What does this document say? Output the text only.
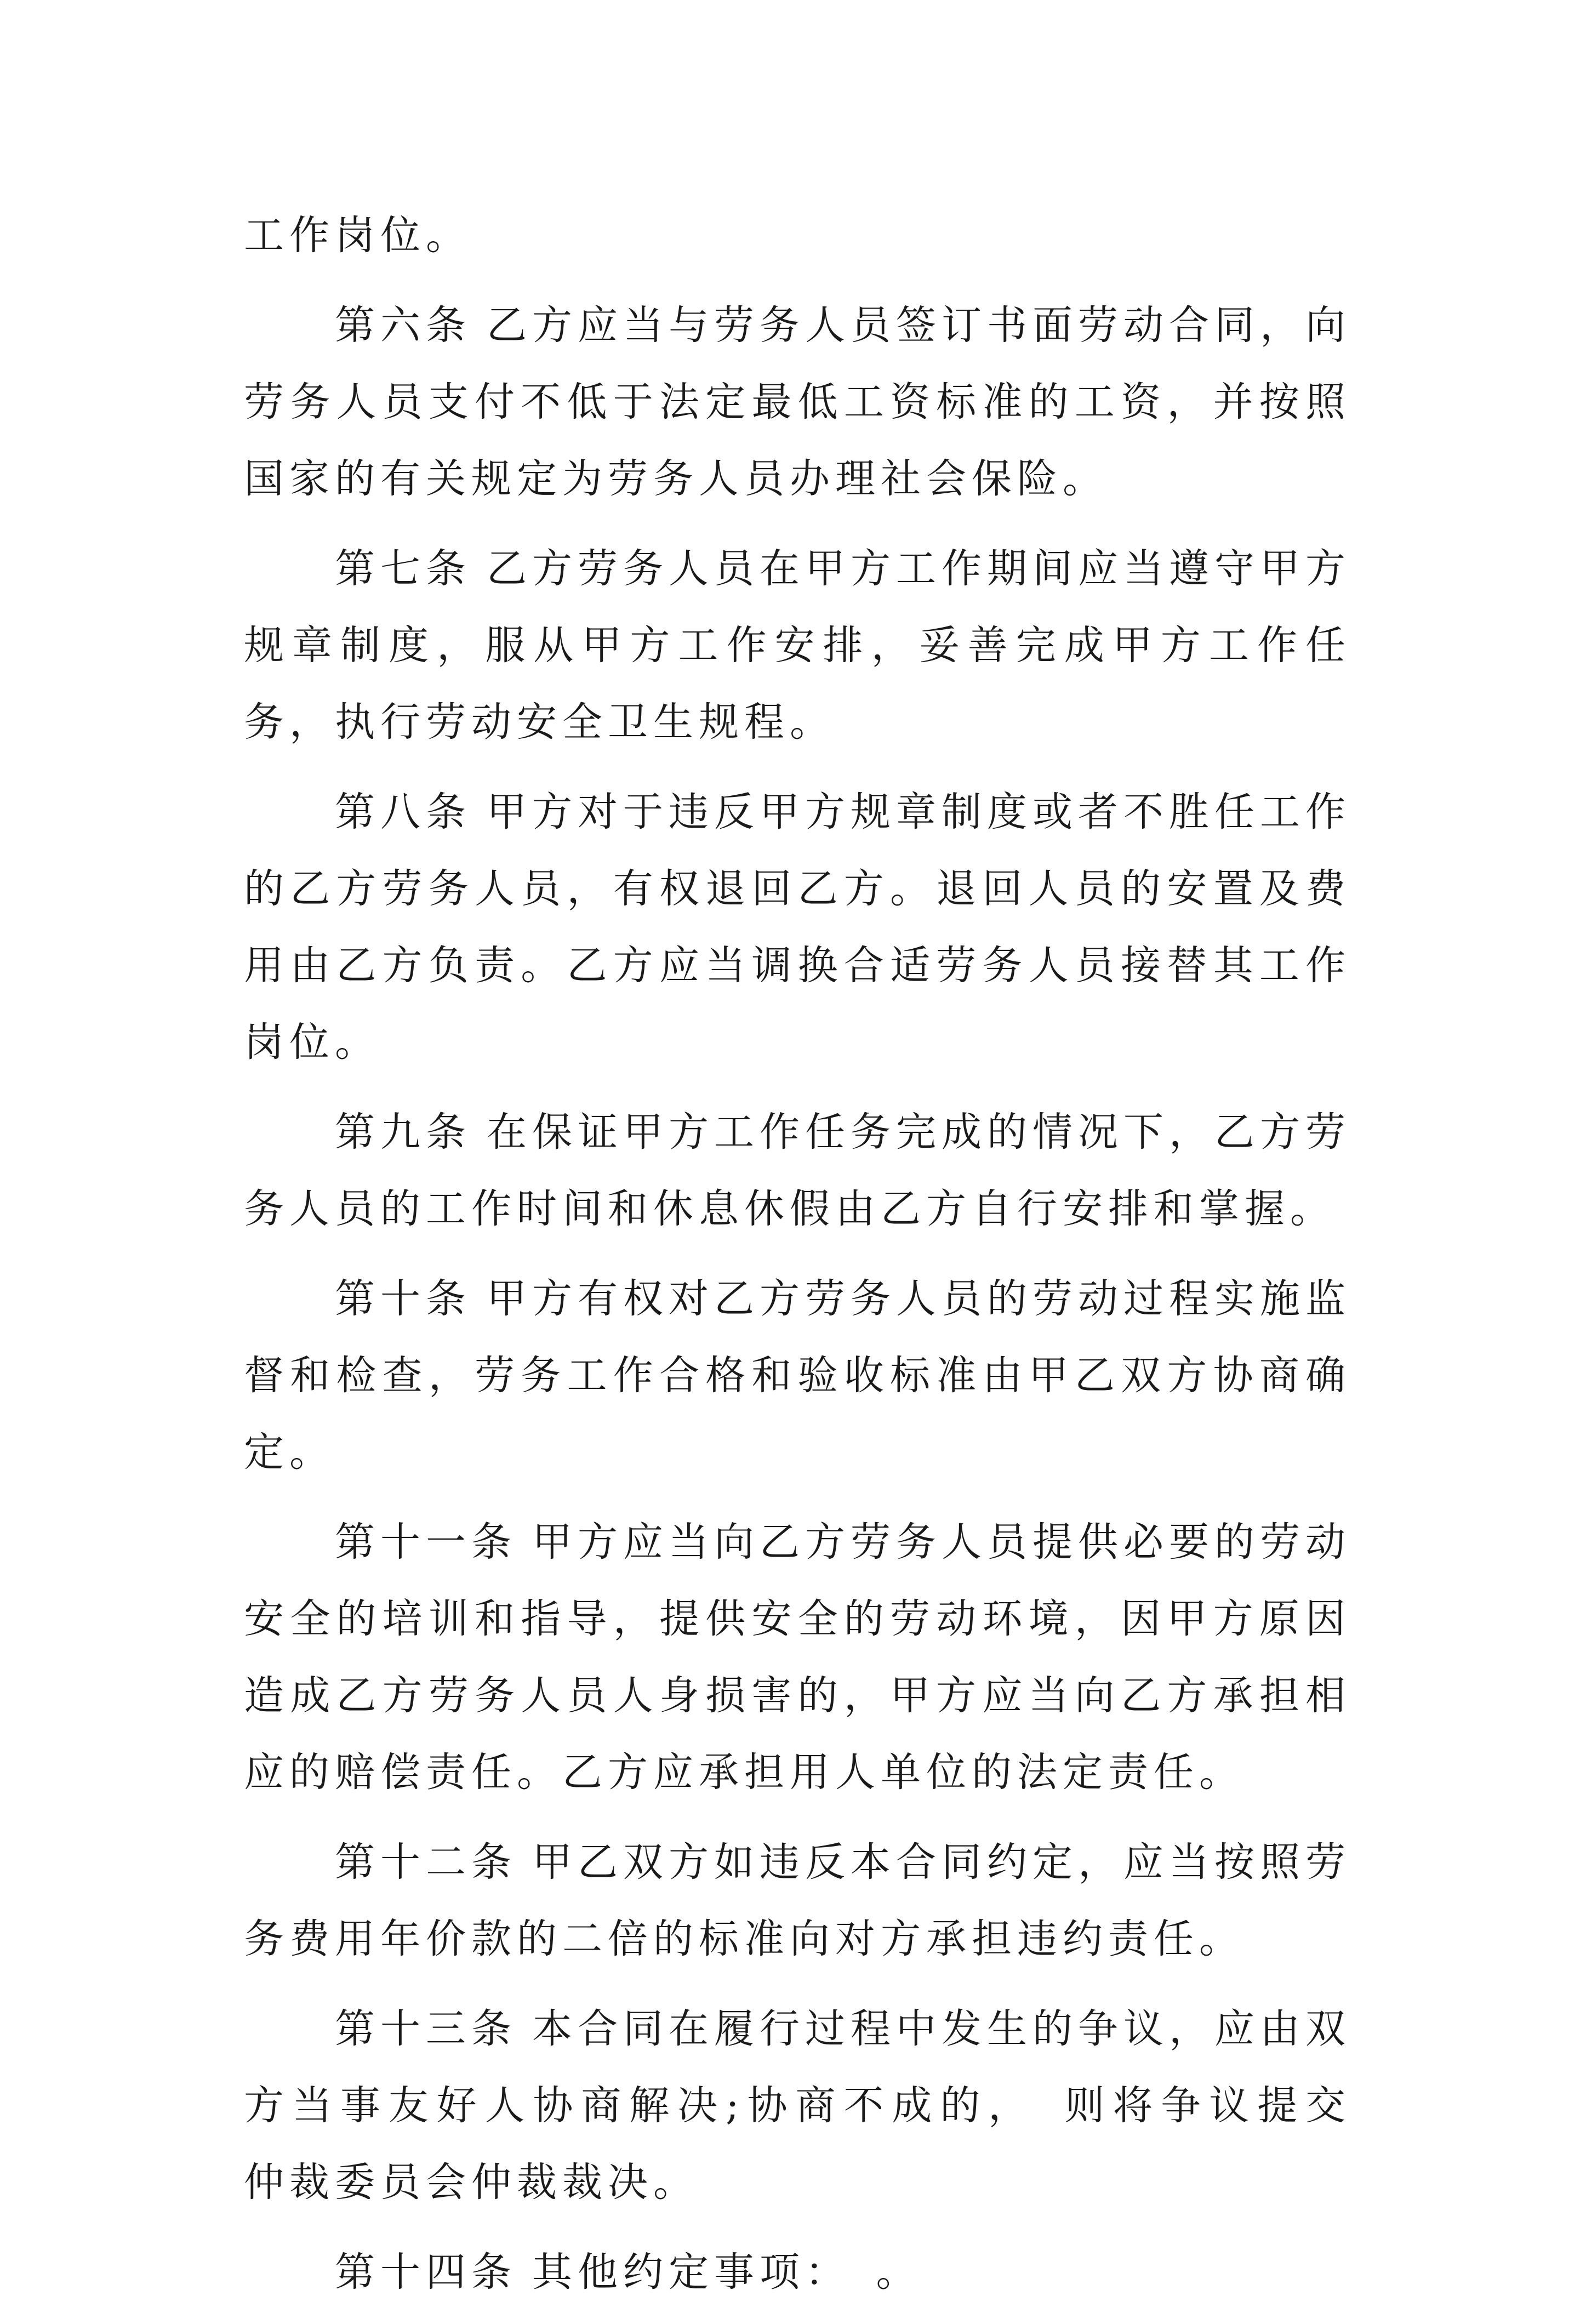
工作岗位。

第六条 乙方应当与劳务人员签订书面劳动合同，向劳务人员支付不低于法定最低工资标准的工资，并按照国家的有关规定为劳务人员办理社会保险。

第七条 乙方劳务人员在甲方工作期间应当遵守甲方规章制度，服从甲方工作安排，妥善完成甲方工作任务，执行劳动安全卫生规程。

第八条 甲方对于违反甲方规章制度或者不胜任工作的乙方劳务人员，有权退回乙方。退回人员的安置及费用由乙方负责。乙方应当调换合适劳务人员接替其工作岗位。

第九条 在保证甲方工作任务完成的情况下，乙方劳务人员的工作时间和休息休假由乙方自行安排和掌握。

第十条 甲方有权对乙方劳务人员的劳动过程实施监督和检查，劳务工作合格和验收标准由甲乙双方协商确定。

第十一条 甲方应当向乙方劳务人员提供必要的劳动安全的培训和指导，提供安全的劳动环境，因甲方原因造成乙方劳务人员人身损害的，甲方应当向乙方承担相应的赔偿责任。乙方应承担用人单位的法定责任。

第十二条 甲乙双方如违反本合同约定，应当按照劳务费用年价款的二倍的标准向对方承担违约责任。

第十三条 本合同在履行过程中发生的争议，应由双方当事友好人协商解决;协商不成的，　则将争议提交　仲裁委员会仲裁裁决。

第十四条 其他约定事项：　。
